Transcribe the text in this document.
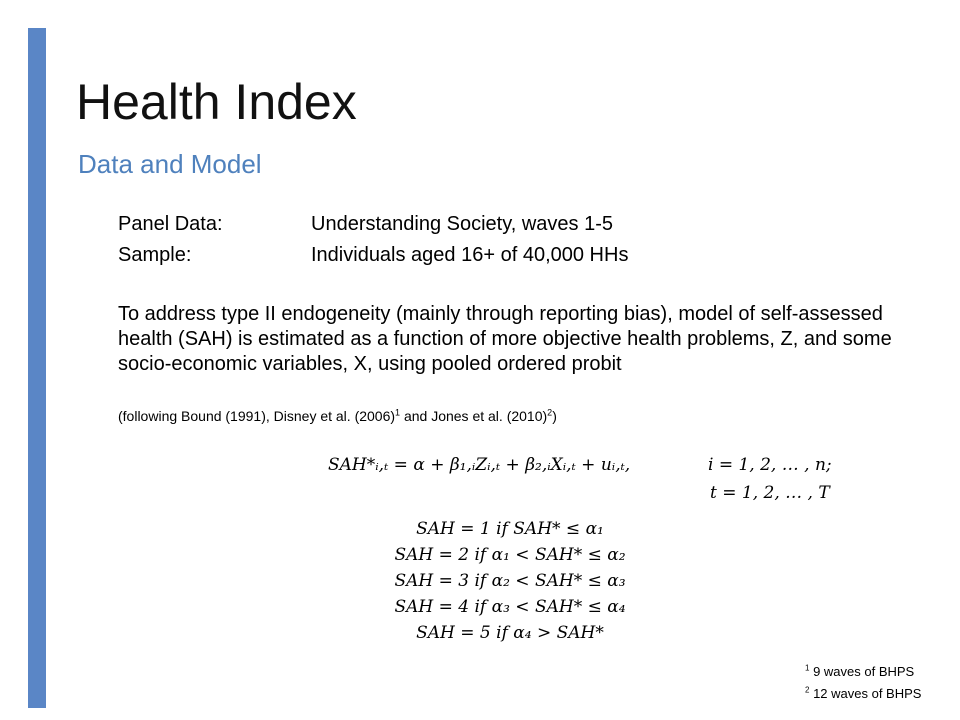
Health Index
Data and Model
Panel Data:	Understanding Society, waves 1-5
Sample:	Individuals aged 16+ of 40,000 HHs
To address type II endogeneity (mainly through reporting bias), model of self-assessed health (SAH) is estimated as a function of more objective health problems, Z, and some socio-economic variables, X, using pooled ordered probit
(following Bound (1991), Disney et al. $(2006)^1$ and Jones et al. $(2010)^2$)
SAH*ᵢ,ₜ = α + β₁,ᵢZᵢ,ₜ + β₂,ᵢXᵢ,ₜ + uᵢ,ₜ,	i = 1, 2, … , n;
t = 1, 2, … , T
SAH = 1 if SAH* ≤ α₁
SAH = 2 if α₁ < SAH* ≤ α₂
SAH = 3 if α₂ < SAH* ≤ α₃
SAH = 4 if α₃ < SAH* ≤ α₄
SAH = 5 if α₄ > SAH*
$^1$ 9 waves of BHPS
$^2$ 12 waves of BHPS
